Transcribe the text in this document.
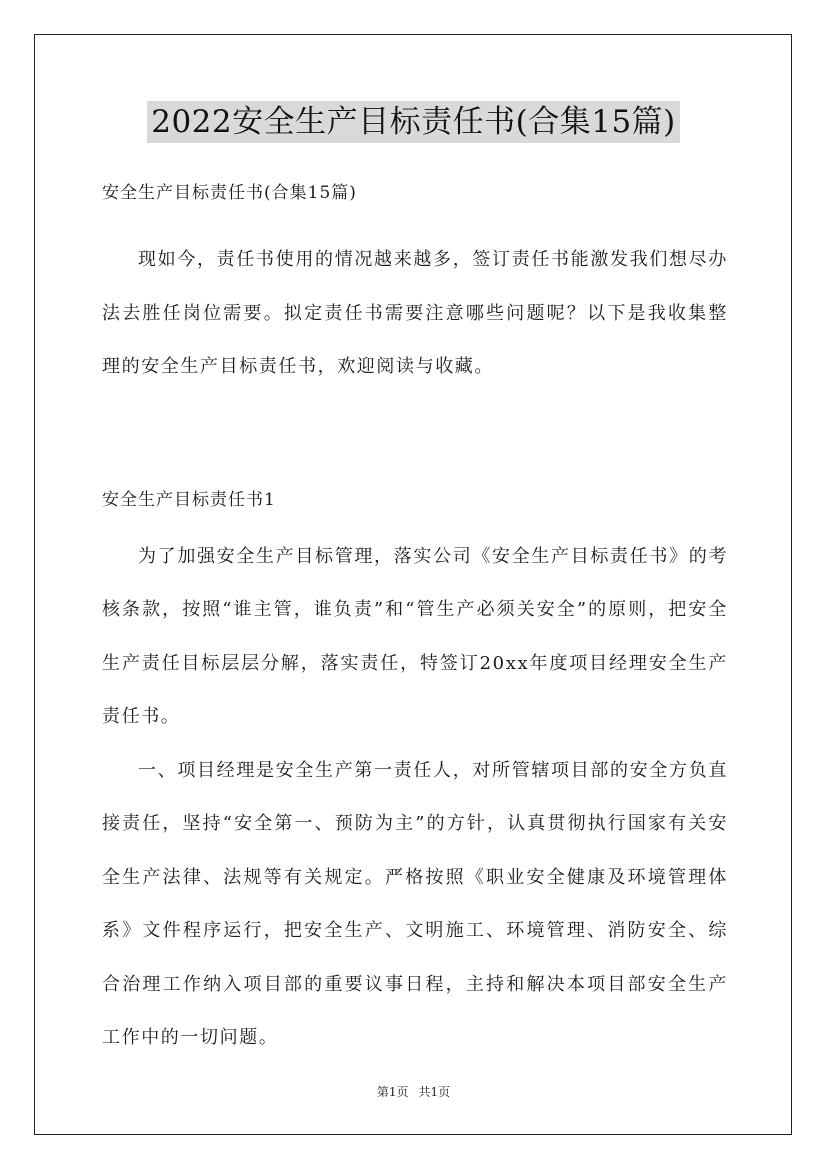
2022安全生产目标责任书(合集15篇)

安全生产目标责任书(合集15篇)

现如今，责任书使用的情况越来越多，签订责任书能激发我们想尽办法去胜任岗位需要。拟定责任书需要注意哪些问题呢？以下是我收集整理的安全生产目标责任书，欢迎阅读与收藏。

安全生产目标责任书1

为了加强安全生产目标管理，落实公司《安全生产目标责任书》的考核条款，按照“谁主管，谁负责”和“管生产必须关安全”的原则，把安全生产责任目标层层分解，落实责任，特签订20xx年度项目经理安全生产责任书。

一、项目经理是安全生产第一责任人，对所管辖项目部的安全方负直接责任，坚持“安全第一、预防为主”的方针，认真贯彻执行国家有关安全生产法律、法规等有关规定。严格按照《职业安全健康及环境管理体系》文件程序运行，把安全生产、文明施工、环境管理、消防安全、综合治理工作纳入项目部的重要议事日程，主持和解决本项目部安全生产工作中的一切问题。

第1页 共1页
